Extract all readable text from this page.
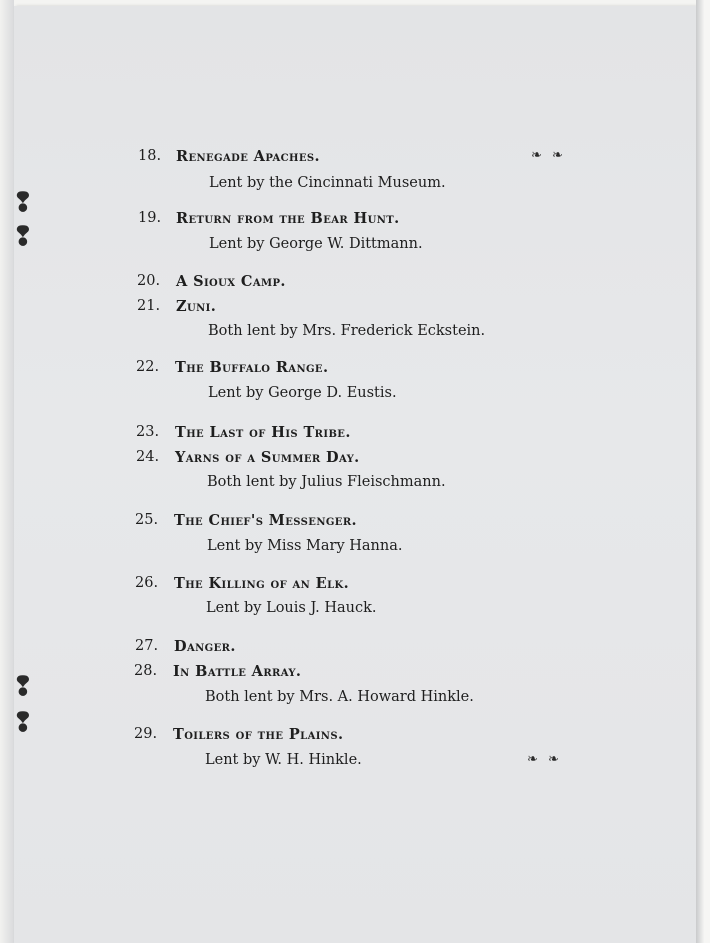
❢
❢
❢
❢
18.	Renegade Apaches.	❧ ❧
Lent by the Cincinnati Museum.
19.	Return from the Bear Hunt.
Lent by George W. Dittmann.
20.	A Sioux Camp.
21.	Zuni.
Both lent by Mrs. Frederick Eckstein.
22.	The Buffalo Range.
Lent by George D. Eustis.
23.	The Last of His Tribe.
24.	Yarns of a Summer Day.
Both lent by Julius Fleischmann.
25.	The Chief's Messenger.
Lent by Miss Mary Hanna.
26.	The Killing of an Elk.
Lent by Louis J. Hauck.
27.	Danger.
28.	In Battle Array.
Both lent by Mrs. A. Howard Hinkle.
29.	Toilers of the Plains.
Lent by W. H. Hinkle.	❧ ❧
